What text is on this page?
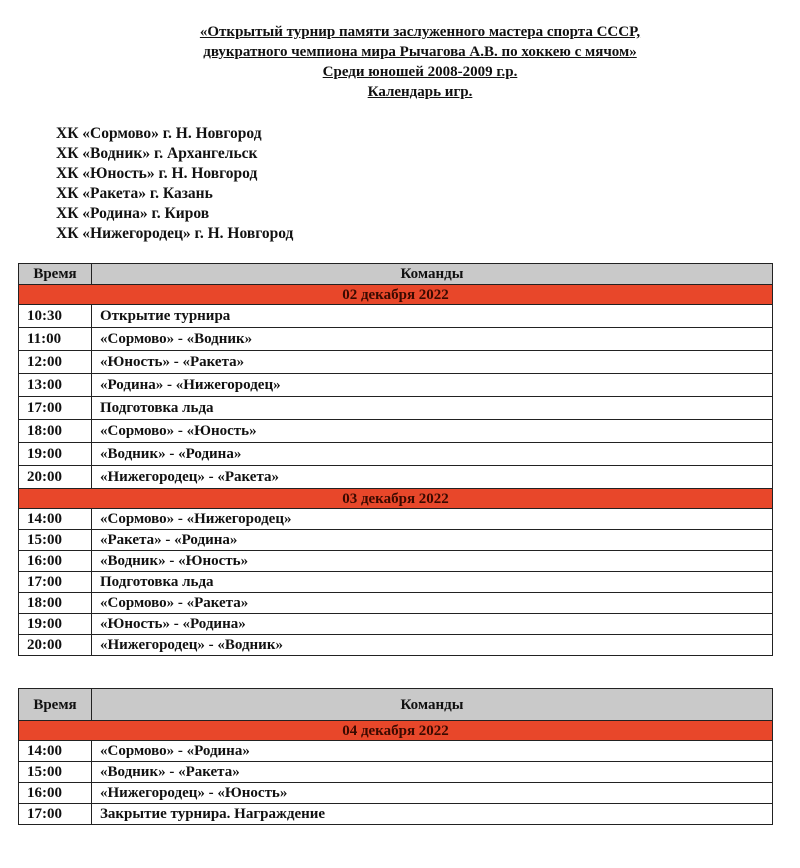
«Открытый турнир памяти заслуженного мастера спорта СССР,
двукратного чемпиона мира Рычагова А.В. по хоккею с мячом»
Среди юношей 2008-2009 г.р.
Календарь игр.
ХК «Сормово» г. Н. Новгород
ХК «Водник» г. Архангельск
ХК «Юность» г. Н. Новгород
ХК «Ракета» г. Казань
ХК «Родина» г. Киров
ХК «Нижегородец» г. Н. Новгород
Время	Команды
02 декабря 2022	
10:30	Открытие турнира
11:00	«Сормово» - «Водник»
12:00	«Юность» - «Ракета»
13:00	«Родина» - «Нижегородец»
17:00	Подготовка льда
18:00	«Сормово» - «Юность»
19:00	«Водник» - «Родина»
20:00	«Нижегородец» - «Ракета»
03 декабря 2022	
14:00	«Сормово» - «Нижегородец»
15:00	«Ракета» - «Родина»
16:00	«Водник» - «Юность»
17:00	Подготовка льда
18:00	«Сормово» - «Ракета»
19:00	«Юность» - «Родина»
20:00	«Нижегородец» - «Водник»
Время	Команды
04 декабря 2022	
14:00	«Сормово» - «Родина»
15:00	«Водник» - «Ракета»
16:00	«Нижегородец» - «Юность»
17:00	Закрытие турнира. Награждение
